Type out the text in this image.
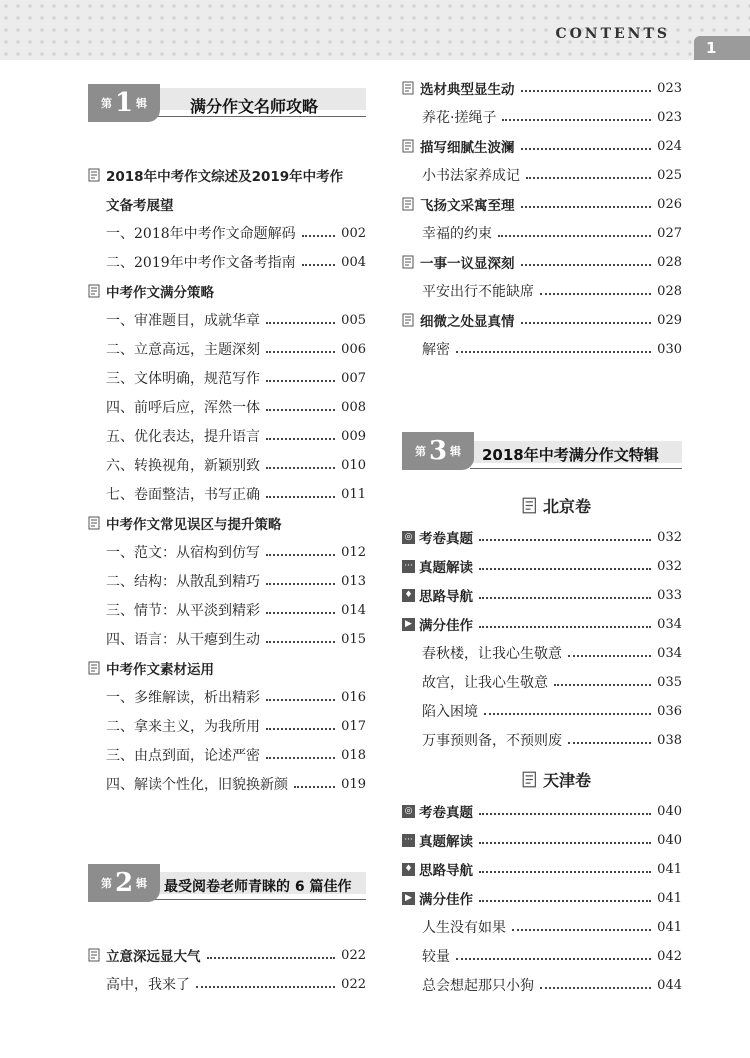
CONTENTS
1
第 1 辑	满分作文名师攻略
2018年中考作文综述及2019年中考作
文备考展望
一、2018年中考作文命题解码	002
二、2019年中考作文备考指南	004
中考作文满分策略
一、审准题目，成就华章	005
二、立意高远，主题深刻	006
三、文体明确，规范写作	007
四、前呼后应，浑然一体	008
五、优化表达，提升语言	009
六、转换视角，新颖别致	010
七、卷面整洁，书写正确	011
中考作文常见误区与提升策略
一、范文：从宿构到仿写	012
二、结构：从散乱到精巧	013
三、情节：从平淡到精彩	014
四、语言：从干瘪到生动	015
中考作文素材运用
一、多维解读，析出精彩	016
二、拿来主义，为我所用	017
三、由点到面，论述严密	018
四、解读个性化，旧貌换新颜	019
第 2 辑 最受阅卷老师青睐的 6 篇佳作
立意深远显大气	022
高中，我来了	022
选材典型显生动	023
养花·搓绳子	023
描写细腻生波澜	024
小书法家养成记	025
飞扬文采寓至理	026
幸福的约束	027
一事一议显深刻	028
平安出行不能缺席	028
细微之处显真情	029
解密	030
第 3 辑 2018年中考满分作文特辑
北京卷
◎ 考卷真题	032
··· 真题解读	032
♦ 思路导航	033
▶ 满分佳作	034
春秋楼，让我心生敬意	034
故宫，让我心生敬意	035
陷入困境	036
万事预则备，不预则废	038
天津卷
◎ 考卷真题	040
··· 真题解读	040
♦ 思路导航	041
▶ 满分佳作	041
人生没有如果	041
较量	042
总会想起那只小狗	044
